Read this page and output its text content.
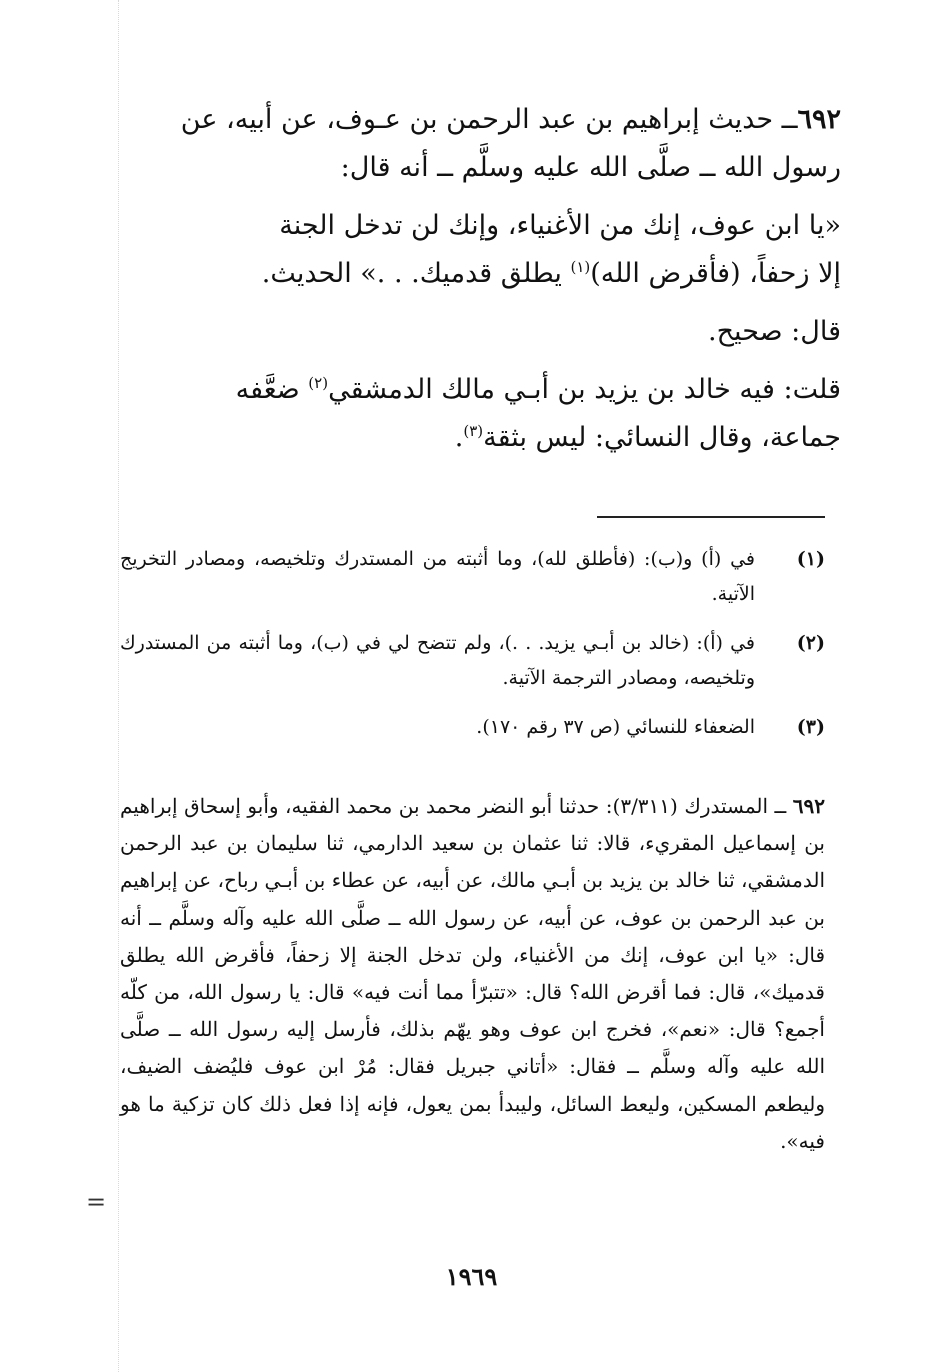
٦٩٢ــ حديث إبراهيم بن عبد الرحمن بن عـوف، عن أبيه، عن

رسول الله ــ صلَّى الله عليه وسلَّم ــ أنه قال:

«يا ابن عوف، إنك من الأغنياء، وإنك لن تدخل الجنة

إلا زحفاً، (فأقرض الله)$^{(١)}$ يطلق قدميك. . .» الحديث.

قال: صحيح.

قلت: فيه خالد بن يزيد بن أبـي مالك الدمشقي$^{(٢)}$ ضعَّفه

جماعة، وقال النسائي: ليس بثقة$^{(٣)}$.

(١)
في (أ) و(ب): (فأطلق لله)، وما أثبته من المستدرك وتلخيصه، ومصادر التخريج الآتية.
(٢)
في (أ): (خالد بن أبـي يزيد. . .)، ولم تتضح لي في (ب)، وما أثبته من المستدرك وتلخيصه، ومصادر الترجمة الآتية.
(٣)
الضعفاء للنسائي (ص ٣٧ رقم ١٧٠).
٦٩٢ ــ المستدرك (٣/٣١١): حدثنا أبو النضر محمد بن محمد الفقيه، وأبو إسحاق إبراهيم بن إسماعيل المقريء، قالا: ثنا عثمان بن سعيد الدارمي، ثنا سليمان بن عبد الرحمن الدمشقي، ثنا خالد بن يزيد بن أبـي مالك، عن أبيه، عن عطاء بن أبـي رباح، عن إبراهيم بن عبد الرحمن بن عوف، عن أبيه، عن رسول الله ــ صلَّى الله عليه وآله وسلَّم ــ أنه قال: «يا ابن عوف، إنك من الأغنياء، ولن تدخل الجنة إلا زحفاً، فأقرض الله يطلق قدميك»، قال: فما أقرض الله؟ قال: «تتبرّأ مما أنت فيه» قال: يا رسول الله، من كلّه أجمع؟ قال: «نعم»، فخرج ابن عوف وهو يهّم بذلك، فأرسل إليه رسول الله ــ صلَّى الله عليه وآله وسلَّم ــ فقال: «أتاني جبريل فقال: مُرْ ابن عوف فليُضف الضيف، وليطعم المسكين، وليعط السائل، وليبدأ بمن يعول، فإنه إذا فعل ذلك كان تزكية ما هو فيه».
=
١٩٦٩
